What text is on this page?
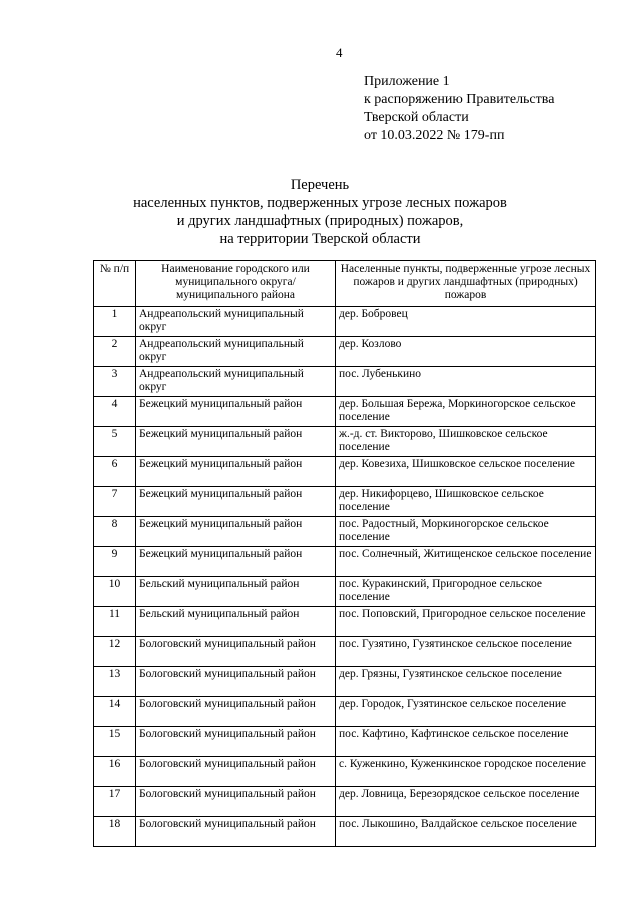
4
Приложение 1
к распоряжению Правительства
Тверской области
от 10.03.2022 № 179-пп
Перечень
населенных пунктов, подверженных угрозе лесных пожаров
и других ландшафтных (природных) пожаров,
на территории Тверской области
№ п/п	Наименование городского или муниципального округа/муниципального района	Населенные пункты, подверженные угрозе лесных пожаров и других ландшафтных (природных) пожаров
1	Андреапольский муниципальный округ	дер. Бобровец
2	Андреапольский муниципальный округ	дер. Козлово
3	Андреапольский муниципальный округ	пос. Лубенькино
4	Бежецкий муниципальный район	дер. Большая Бережа, Моркиногорское сельское поселение
5	Бежецкий муниципальный район	ж.-д. ст. Викторово, Шишковское сельское поселение
6	Бежецкий муниципальный район	дер. Ковезиха, Шишковское сельское поселение
7	Бежецкий муниципальный район	дер. Никифорцево, Шишковское сельское поселение
8	Бежецкий муниципальный район	пос. Радостный, Моркиногорское сельское поселение
9	Бежецкий муниципальный район	пос. Солнечный, Житищенское сельское поселение
10	Бельский муниципальный район	пос. Куракинский, Пригородное сельское поселение
11	Бельский муниципальный район	пос. Поповский, Пригородное сельское поселение
12	Бологовский муниципальный район	пос. Гузятино, Гузятинское сельское поселение
13	Бологовский муниципальный район	дер. Грязны, Гузятинское сельское поселение
14	Бологовский муниципальный район	дер. Городок, Гузятинское сельское поселение
15	Бологовский муниципальный район	пос. Кафтино, Кафтинское сельское поселение
16	Бологовский муниципальный район	с. Куженкино, Куженкинское городское поселение
17	Бологовский муниципальный район	дер. Ловница, Березорядское сельское поселение
18	Бологовский муниципальный район	пос. Лыкошино, Валдайское сельское поселение
